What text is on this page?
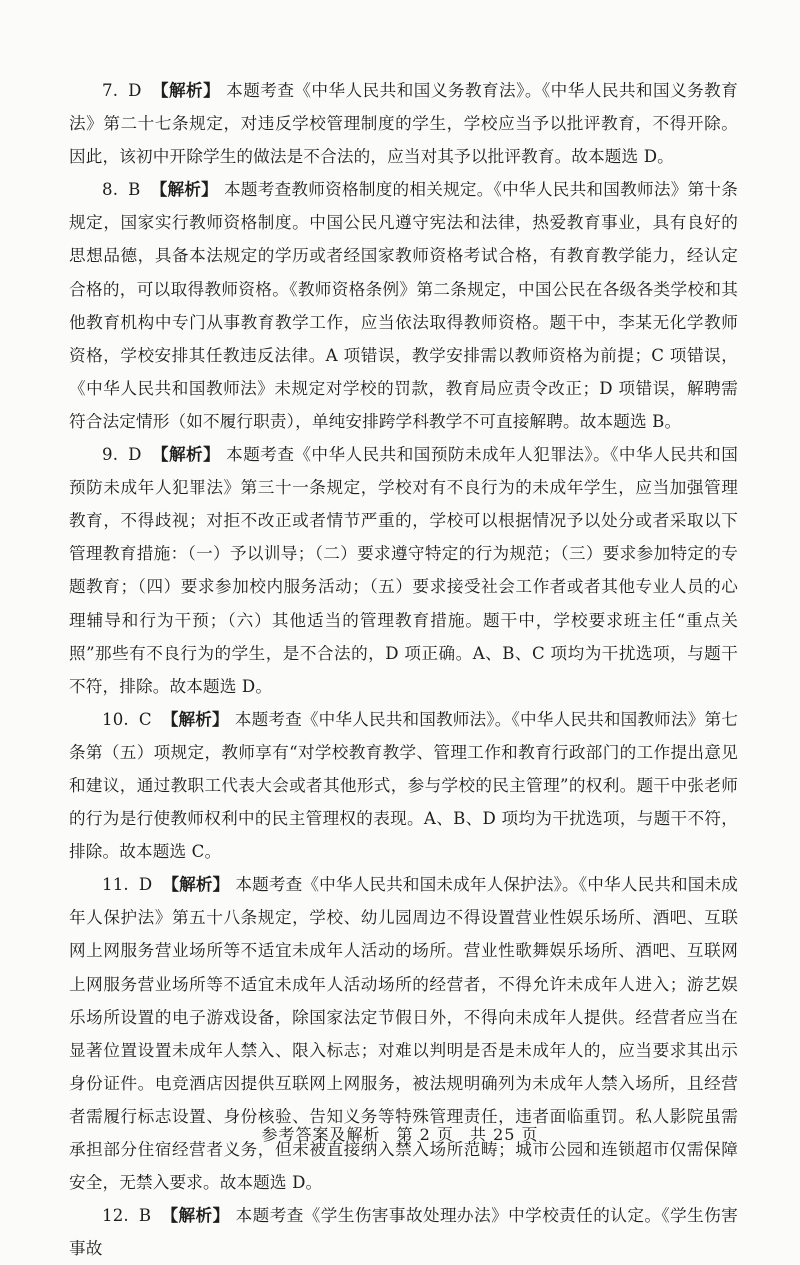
7. D 【解析】 本题考查《中华人民共和国义务教育法》。《中华人民共和国义务教育法》第二十七条规定，对违反学校管理制度的学生，学校应当予以批评教育，不得开除。因此，该初中开除学生的做法是不合法的，应当对其予以批评教育。故本题选 D。

8. B 【解析】 本题考查教师资格制度的相关规定。《中华人民共和国教师法》第十条规定，国家实行教师资格制度。中国公民凡遵守宪法和法律，热爱教育事业，具有良好的思想品德，具备本法规定的学历或者经国家教师资格考试合格，有教育教学能力，经认定合格的，可以取得教师资格。《教师资格条例》第二条规定，中国公民在各级各类学校和其他教育机构中专门从事教育教学工作，应当依法取得教师资格。题干中，李某无化学教师资格，学校安排其任教违反法律。A 项错误，教学安排需以教师资格为前提；C 项错误，《中华人民共和国教师法》未规定对学校的罚款，教育局应责令改正；D 项错误，解聘需符合法定情形（如不履行职责），单纯安排跨学科教学不可直接解聘。故本题选 B。

9. D 【解析】 本题考查《中华人民共和国预防未成年人犯罪法》。《中华人民共和国预防未成年人犯罪法》第三十一条规定，学校对有不良行为的未成年学生，应当加强管理教育，不得歧视；对拒不改正或者情节严重的，学校可以根据情况予以处分或者采取以下管理教育措施：（一）予以训导；（二）要求遵守特定的行为规范；（三）要求参加特定的专题教育；（四）要求参加校内服务活动；（五）要求接受社会工作者或者其他专业人员的心理辅导和行为干预；（六）其他适当的管理教育措施。题干中，学校要求班主任“重点关照”那些有不良行为的学生，是不合法的，D 项正确。A、B、C 项均为干扰选项，与题干不符，排除。故本题选 D。

10. C 【解析】 本题考查《中华人民共和国教师法》。《中华人民共和国教师法》第七条第（五）项规定，教师享有“对学校教育教学、管理工作和教育行政部门的工作提出意见和建议，通过教职工代表大会或者其他形式，参与学校的民主管理”的权利。题干中张老师的行为是行使教师权利中的民主管理权的表现。A、B、D 项均为干扰选项，与题干不符，排除。故本题选 C。

11. D 【解析】 本题考查《中华人民共和国未成年人保护法》。《中华人民共和国未成年人保护法》第五十八条规定，学校、幼儿园周边不得设置营业性娱乐场所、酒吧、互联网上网服务营业场所等不适宜未成年人活动的场所。营业性歌舞娱乐场所、酒吧、互联网上网服务营业场所等不适宜未成年人活动场所的经营者，不得允许未成年人进入；游艺娱乐场所设置的电子游戏设备，除国家法定节假日外，不得向未成年人提供。经营者应当在显著位置设置未成年人禁入、限入标志；对难以判明是否是未成年人的，应当要求其出示身份证件。电竞酒店因提供互联网上网服务，被法规明确列为未成年人禁入场所，且经营者需履行标志设置、身份核验、告知义务等特殊管理责任，违者面临重罚。私人影院虽需承担部分住宿经营者义务，但未被直接纳入禁入场所范畴；城市公园和连锁超市仅需保障安全，无禁入要求。故本题选 D。

12. B 【解析】 本题考查《学生伤害事故处理办法》中学校责任的认定。《学生伤害事故

参考答案及解析 第 2 页 共 25 页
